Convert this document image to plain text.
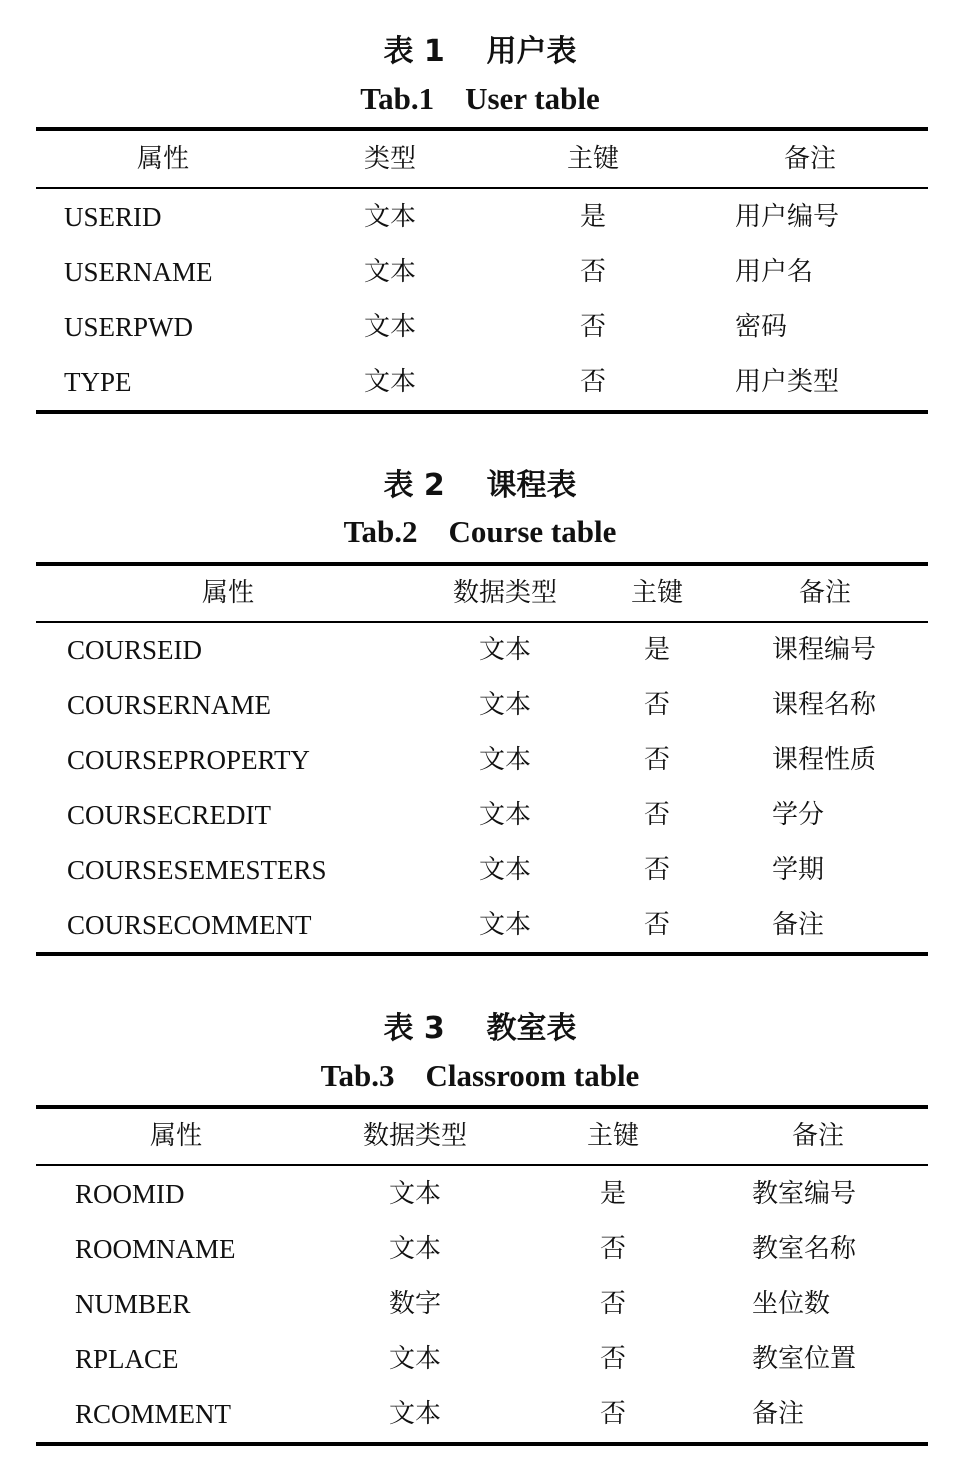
表 1    用户表
Tab.1    User table
属性	类型	主键	备注
USERID	文本	是	用户编号
USERNAME	文本	否	用户名
USERPWD	文本	否	密码
TYPE	文本	否	用户类型
表 2    课程表
Tab.2    Course table
属性	数据类型	主键	备注
COURSEID	文本	是	课程编号
COURSERNAME	文本	否	课程名称
COURSEPROPERTY	文本	否	课程性质
COURSECREDIT	文本	否	学分
COURSESEMESTERS	文本	否	学期
COURSECOMMENT	文本	否	备注
表 3    教室表
Tab.3    Classroom table
属性	数据类型	主键	备注
ROOMID	文本	是	教室编号
ROOMNAME	文本	否	教室名称
NUMBER	数字	否	坐位数
RPLACE	文本	否	教室位置
RCOMMENT	文本	否	备注
